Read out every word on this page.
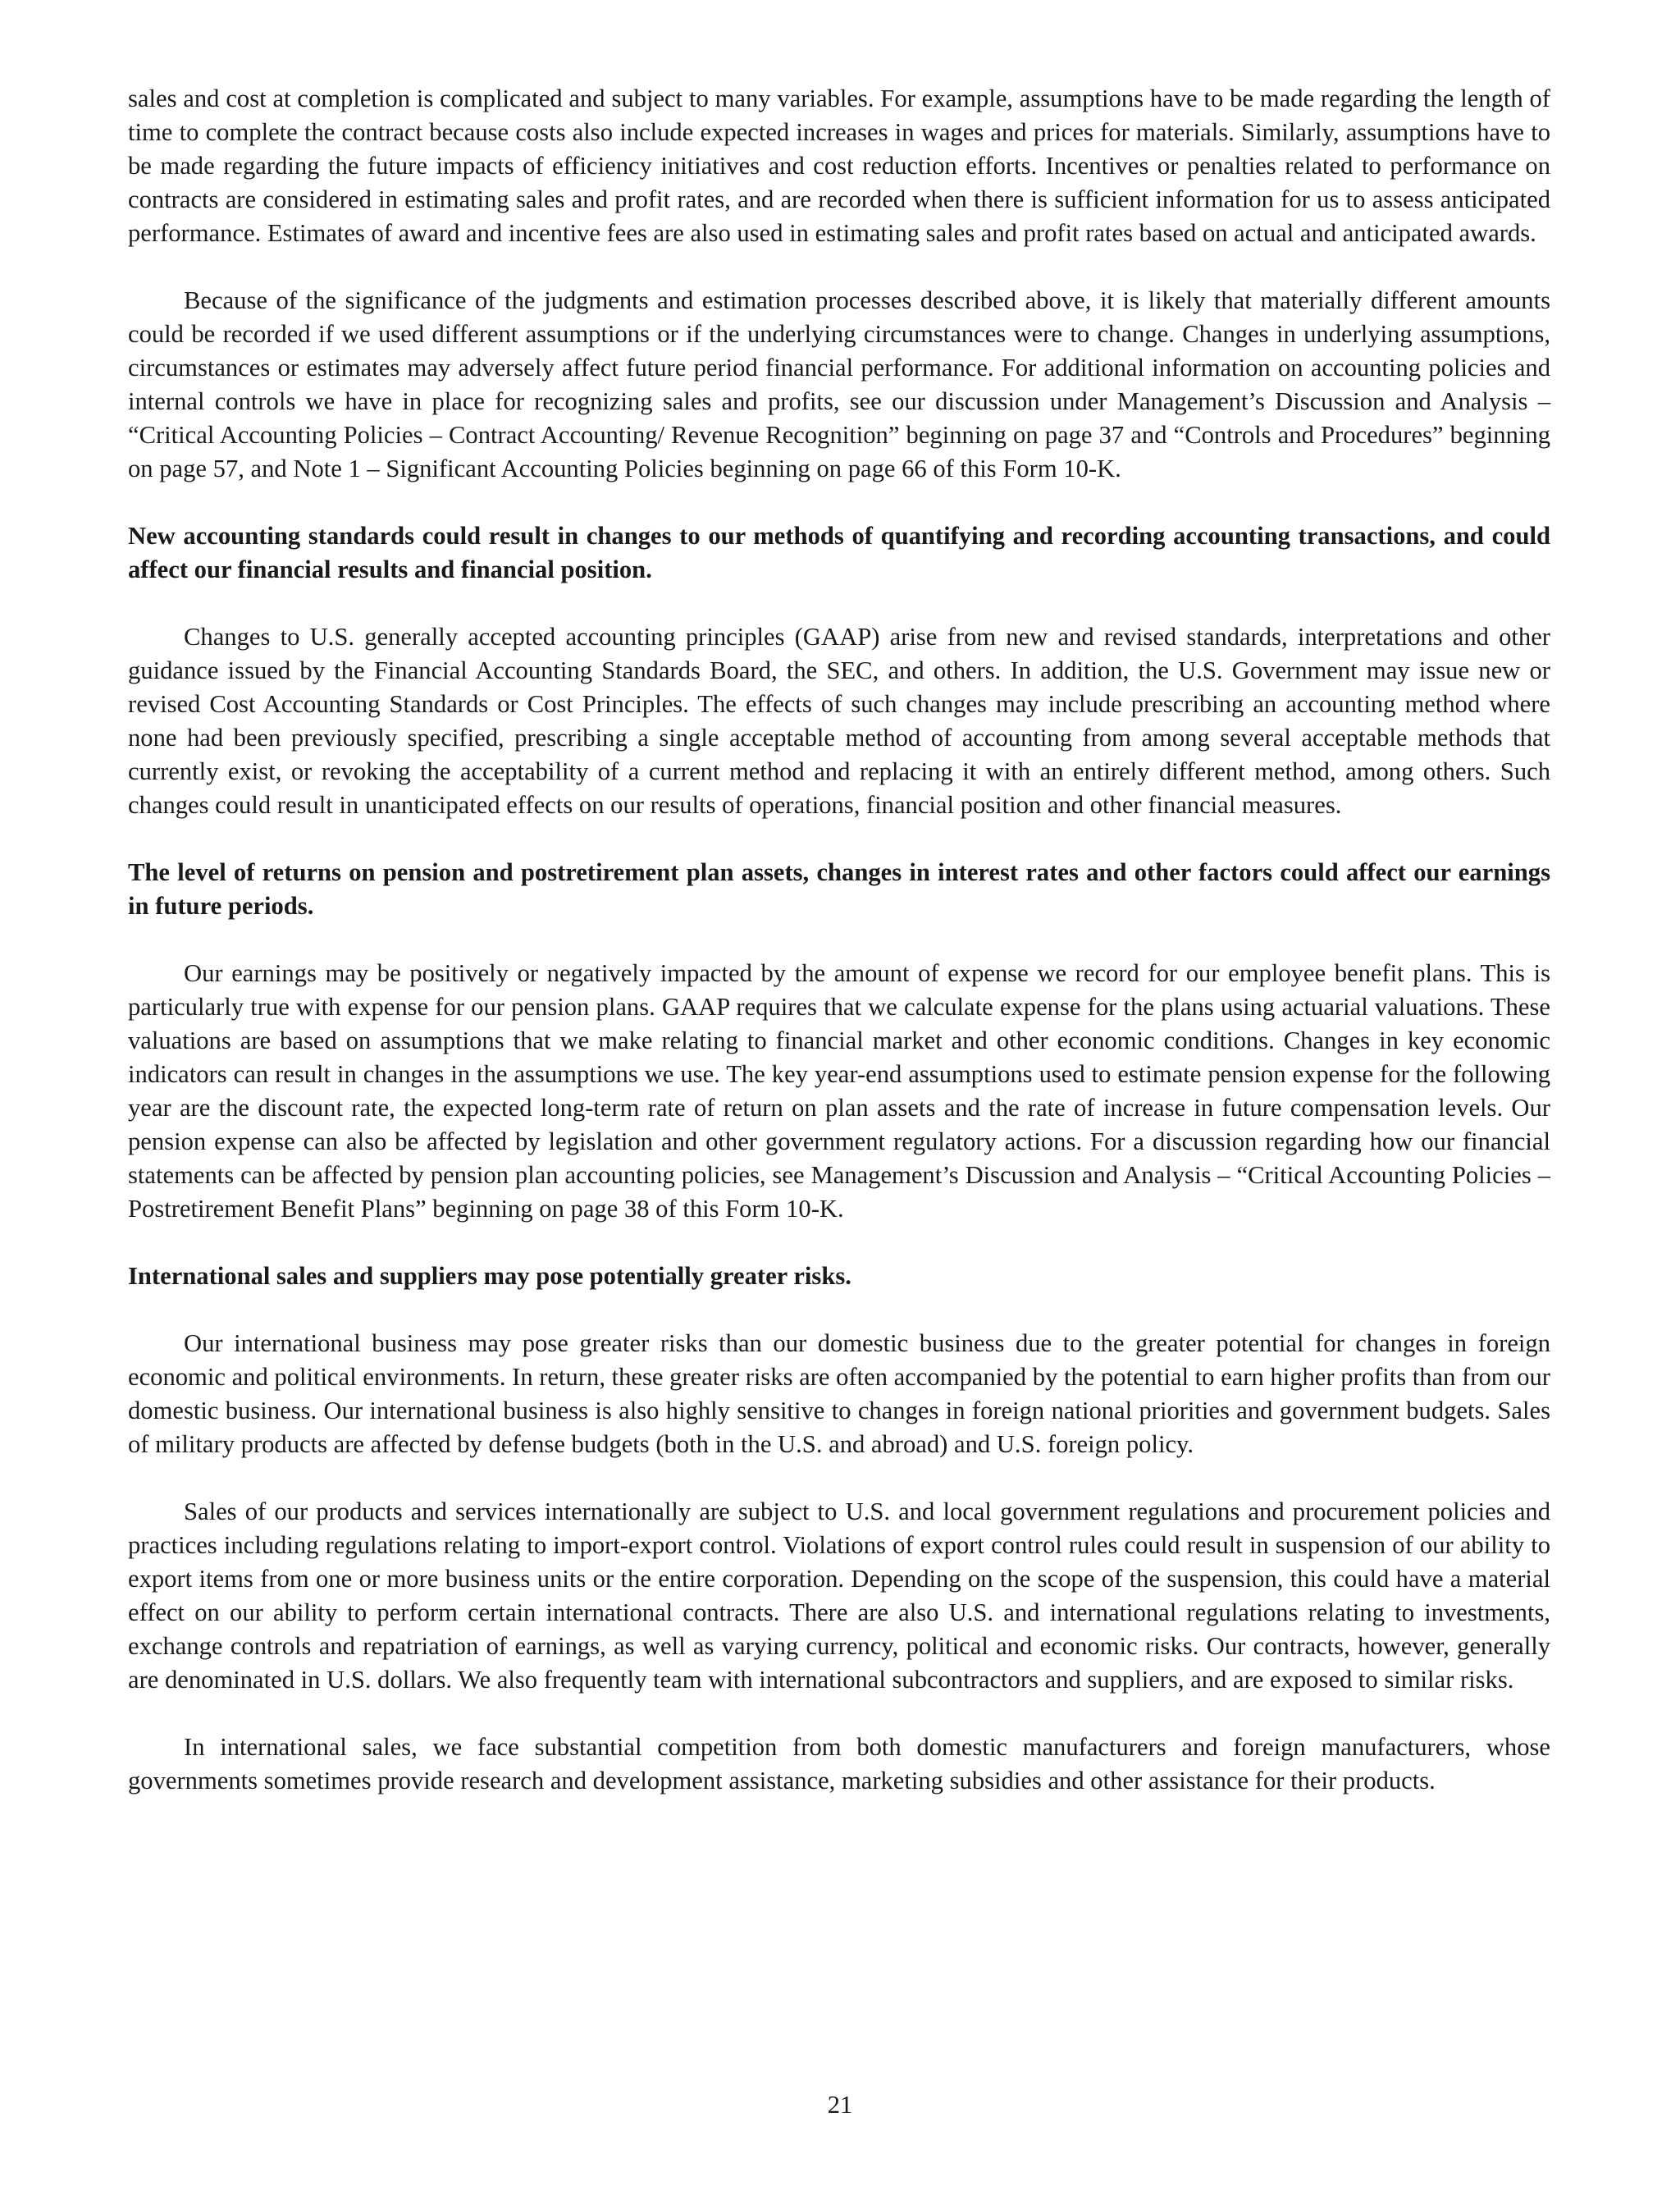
sales and cost at completion is complicated and subject to many variables. For example, assumptions have to be made regarding the length of time to complete the contract because costs also include expected increases in wages and prices for materials. Similarly, assumptions have to be made regarding the future impacts of efficiency initiatives and cost reduction efforts. Incentives or penalties related to performance on contracts are considered in estimating sales and profit rates, and are recorded when there is sufficient information for us to assess anticipated performance. Estimates of award and incentive fees are also used in estimating sales and profit rates based on actual and anticipated awards.

Because of the significance of the judgments and estimation processes described above, it is likely that materially different amounts could be recorded if we used different assumptions or if the underlying circumstances were to change. Changes in underlying assumptions, circumstances or estimates may adversely affect future period financial performance. For additional information on accounting policies and internal controls we have in place for recognizing sales and profits, see our discussion under Management’s Discussion and Analysis – “Critical Accounting Policies – Contract Accounting/ Revenue Recognition” beginning on page 37 and “Controls and Procedures” beginning on page 57, and Note 1 – Significant Accounting Policies beginning on page 66 of this Form 10-K.

New accounting standards could result in changes to our methods of quantifying and recording accounting transactions, and could affect our financial results and financial position.

Changes to U.S. generally accepted accounting principles (GAAP) arise from new and revised standards, interpretations and other guidance issued by the Financial Accounting Standards Board, the SEC, and others. In addition, the U.S. Government may issue new or revised Cost Accounting Standards or Cost Principles. The effects of such changes may include prescribing an accounting method where none had been previously specified, prescribing a single acceptable method of accounting from among several acceptable methods that currently exist, or revoking the acceptability of a current method and replacing it with an entirely different method, among others. Such changes could result in unanticipated effects on our results of operations, financial position and other financial measures.

The level of returns on pension and postretirement plan assets, changes in interest rates and other factors could affect our earnings in future periods.

Our earnings may be positively or negatively impacted by the amount of expense we record for our employee benefit plans. This is particularly true with expense for our pension plans. GAAP requires that we calculate expense for the plans using actuarial valuations. These valuations are based on assumptions that we make relating to financial market and other economic conditions. Changes in key economic indicators can result in changes in the assumptions we use. The key year-end assumptions used to estimate pension expense for the following year are the discount rate, the expected long-term rate of return on plan assets and the rate of increase in future compensation levels. Our pension expense can also be affected by legislation and other government regulatory actions. For a discussion regarding how our financial statements can be affected by pension plan accounting policies, see Management’s Discussion and Analysis – “Critical Accounting Policies – Postretirement Benefit Plans” beginning on page 38 of this Form 10-K.

International sales and suppliers may pose potentially greater risks.

Our international business may pose greater risks than our domestic business due to the greater potential for changes in foreign economic and political environments. In return, these greater risks are often accompanied by the potential to earn higher profits than from our domestic business. Our international business is also highly sensitive to changes in foreign national priorities and government budgets. Sales of military products are affected by defense budgets (both in the U.S. and abroad) and U.S. foreign policy.

Sales of our products and services internationally are subject to U.S. and local government regulations and procurement policies and practices including regulations relating to import-export control. Violations of export control rules could result in suspension of our ability to export items from one or more business units or the entire corporation. Depending on the scope of the suspension, this could have a material effect on our ability to perform certain international contracts. There are also U.S. and international regulations relating to investments, exchange controls and repatriation of earnings, as well as varying currency, political and economic risks. Our contracts, however, generally are denominated in U.S. dollars. We also frequently team with international subcontractors and suppliers, and are exposed to similar risks.

In international sales, we face substantial competition from both domestic manufacturers and foreign manufacturers, whose governments sometimes provide research and development assistance, marketing subsidies and other assistance for their products.

21
